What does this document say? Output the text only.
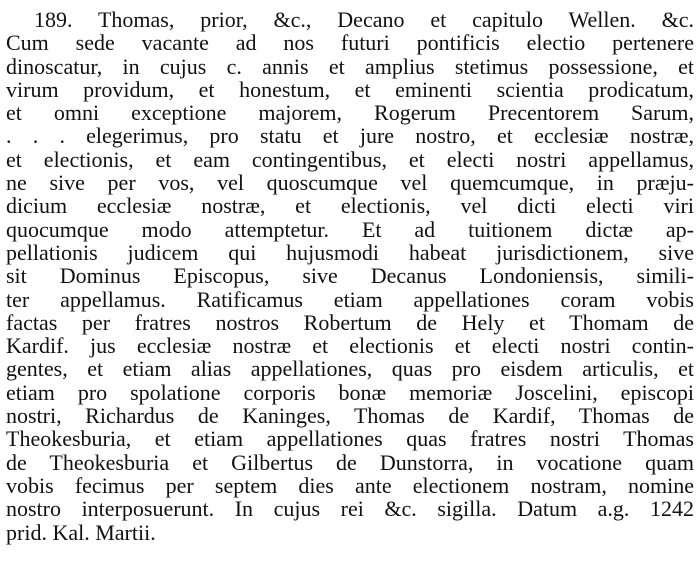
189. Thomas, prior, &c., Decano et capitulo Wellen. &c.
Cum sede vacante ad nos futuri pontificis electio pertenere
dinoscatur, in cujus c. annis et amplius stetimus possessione, et
virum providum, et honestum, et eminenti scientia prodicatum,
et omni exceptione majorem, Rogerum Precentorem Sarum,
. . . elegerimus, pro statu et jure nostro, et ecclesiæ nostræ,
et electionis, et eam contingentibus, et electi nostri appellamus,
ne sive per vos, vel quoscumque vel quemcumque, in præju-
dicium ecclesiæ nostræ, et electionis, vel dicti electi viri
quocumque modo attemptetur. Et ad tuitionem dictæ ap-
pellationis judicem qui hujusmodi habeat jurisdictionem, sive
sit Dominus Episcopus, sive Decanus Londoniensis, simili-
ter appellamus. Ratificamus etiam appellationes coram vobis
factas per fratres nostros Robertum de Hely et Thomam de
Kardif. jus ecclesiæ nostræ et electionis et electi nostri contin-
gentes, et etiam alias appellationes, quas pro eisdem articulis, et
etiam pro spolatione corporis bonæ memoriæ Joscelini, episcopi
nostri, Richardus de Kaninges, Thomas de Kardif, Thomas de
Theokesburia, et etiam appellationes quas fratres nostri Thomas
de Theokesburia et Gilbertus de Dunstorra, in vocatione quam
vobis fecimus per septem dies ante electionem nostram, nomine
nostro interposuerunt. In cujus rei &c. sigilla. Datum a.g. 1242
prid. Kal. Martii.
